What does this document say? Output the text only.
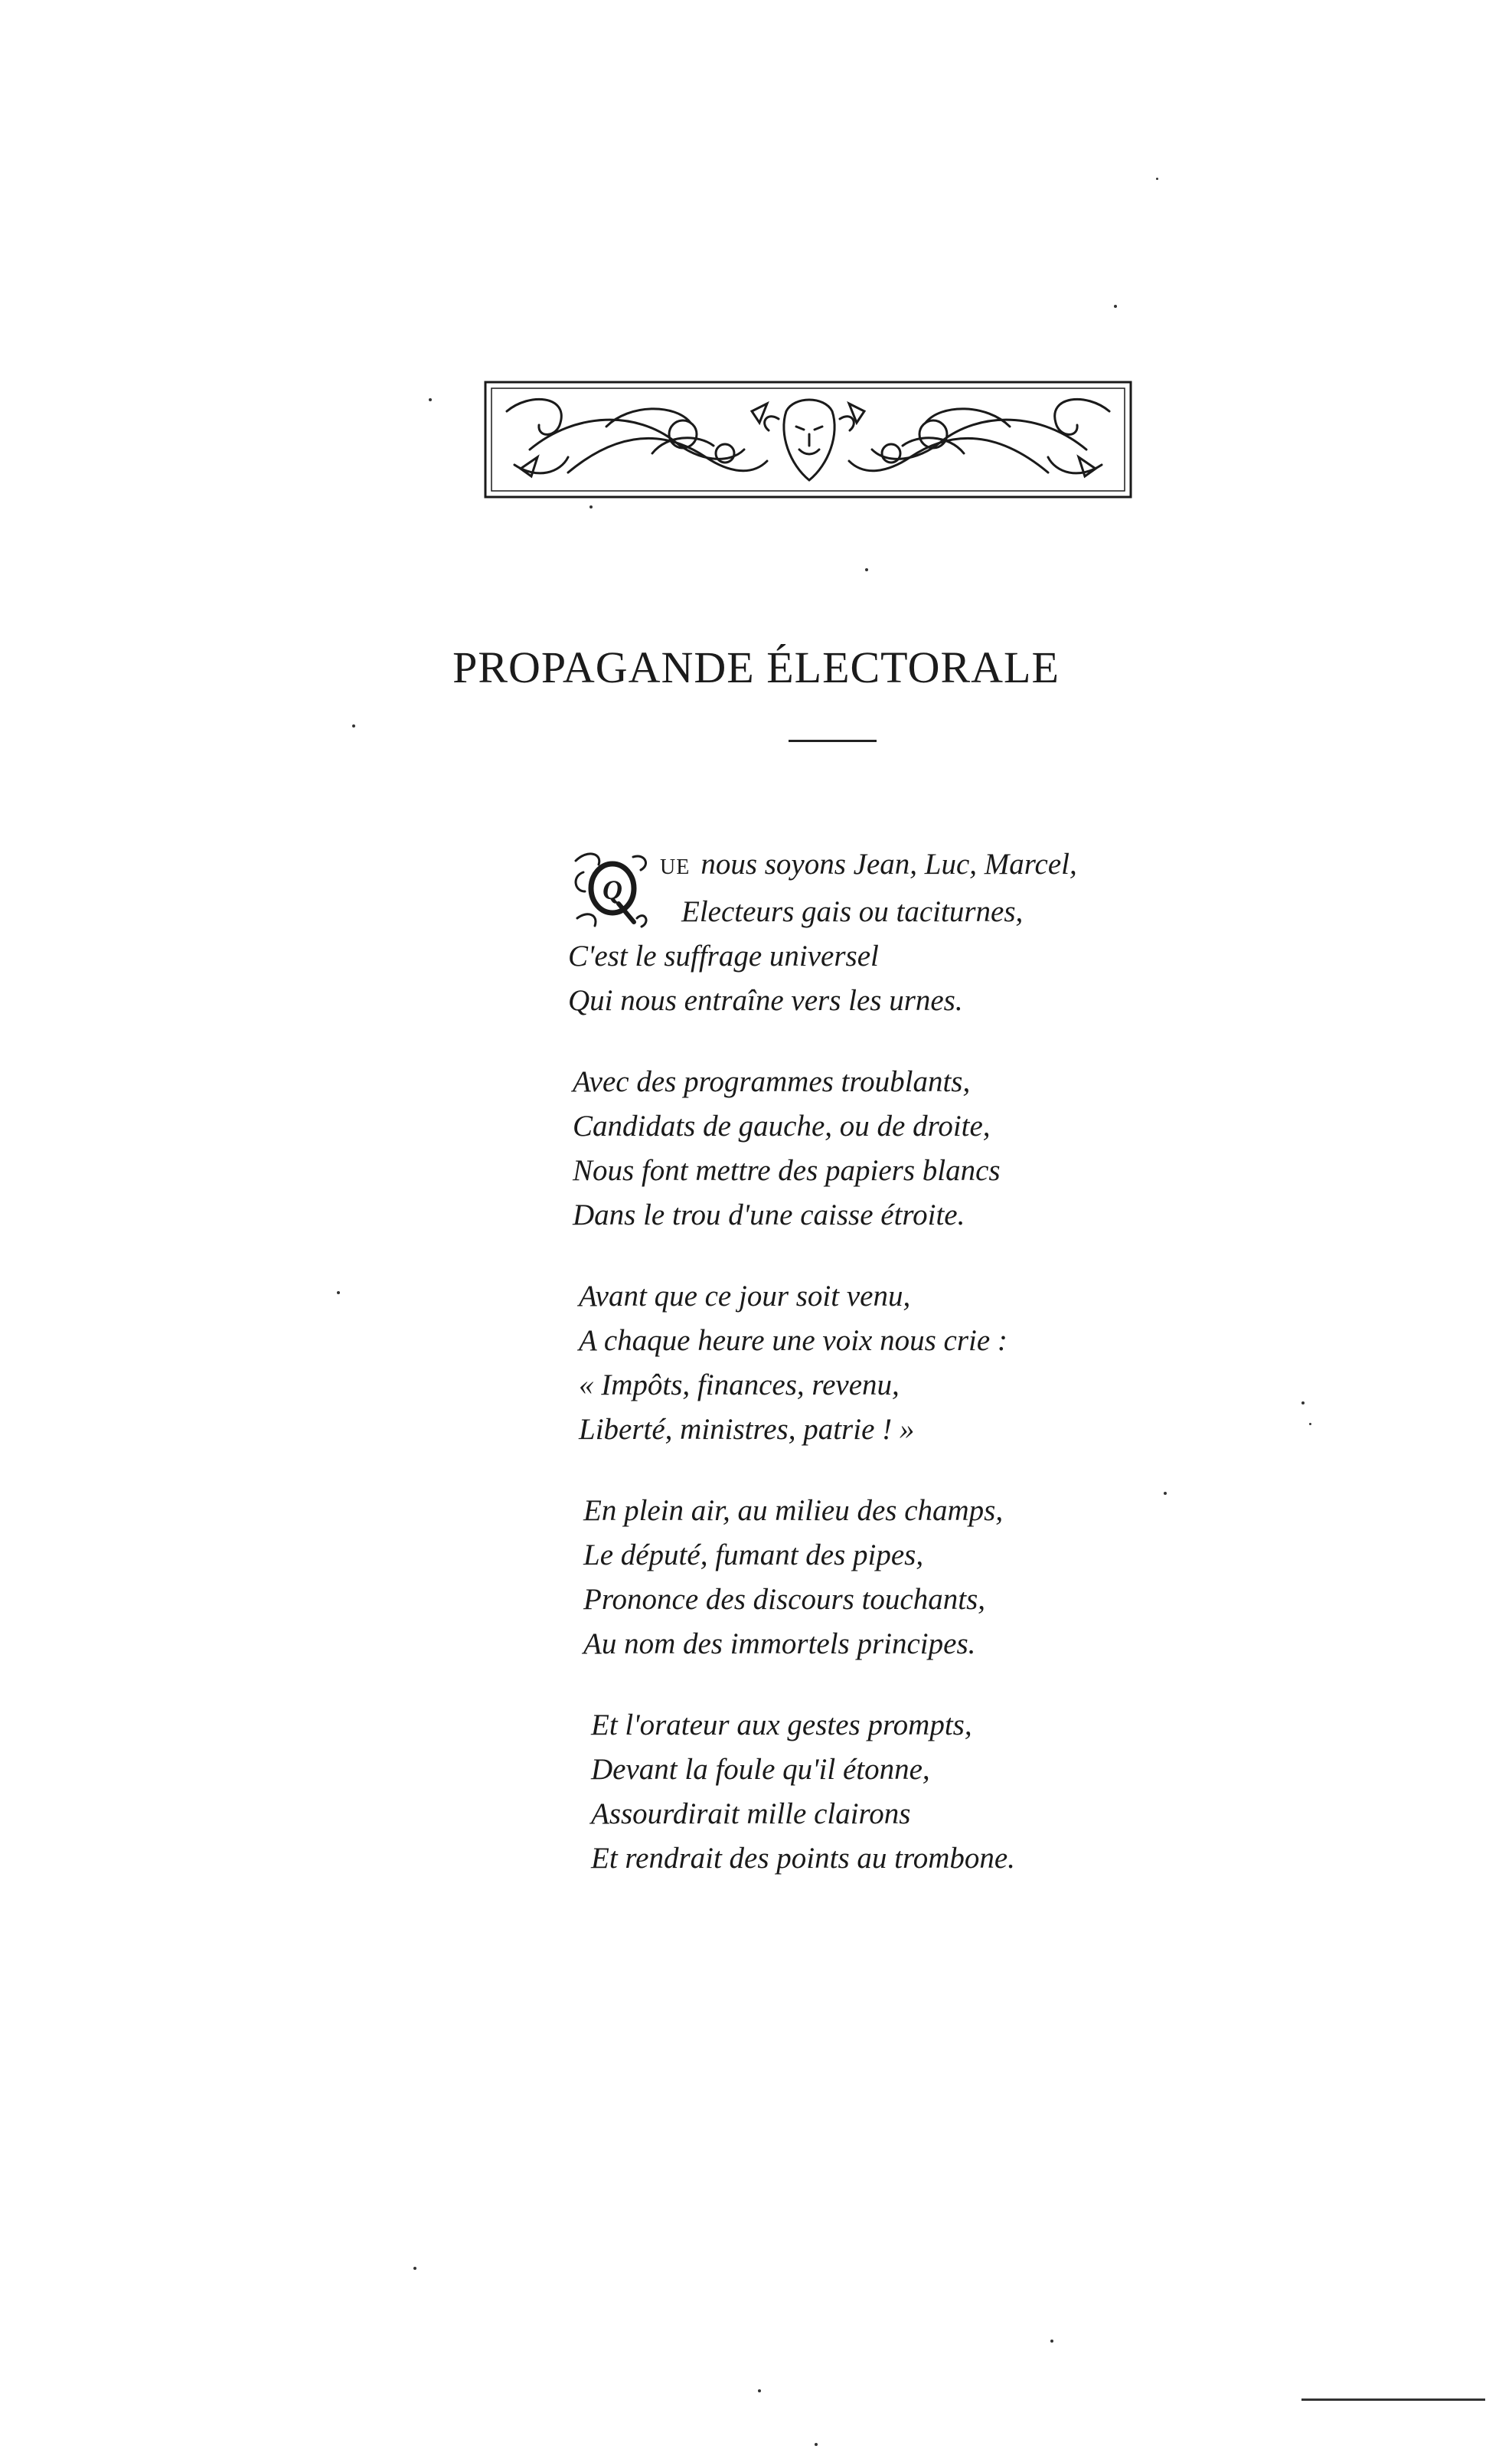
PROPAGANDE ÉLECTORALE
Q
UE nous soyons Jean, Luc, Marcel,
Electeurs gais ou taciturnes,
C'est le suffrage universel
Qui nous entraîne vers les urnes.
Avec des programmes troublants,
Candidats de gauche, ou de droite,
Nous font mettre des papiers blancs
Dans le trou d'une caisse étroite.
Avant que ce jour soit venu,
A chaque heure une voix nous crie :
« Impôts, finances, revenu,
Liberté, ministres, patrie ! »
En plein air, au milieu des champs,
Le député, fumant des pipes,
Prononce des discours touchants,
Au nom des immortels principes.
Et l'orateur aux gestes prompts,
Devant la foule qu'il étonne,
Assourdirait mille clairons
Et rendrait des points au trombone.
